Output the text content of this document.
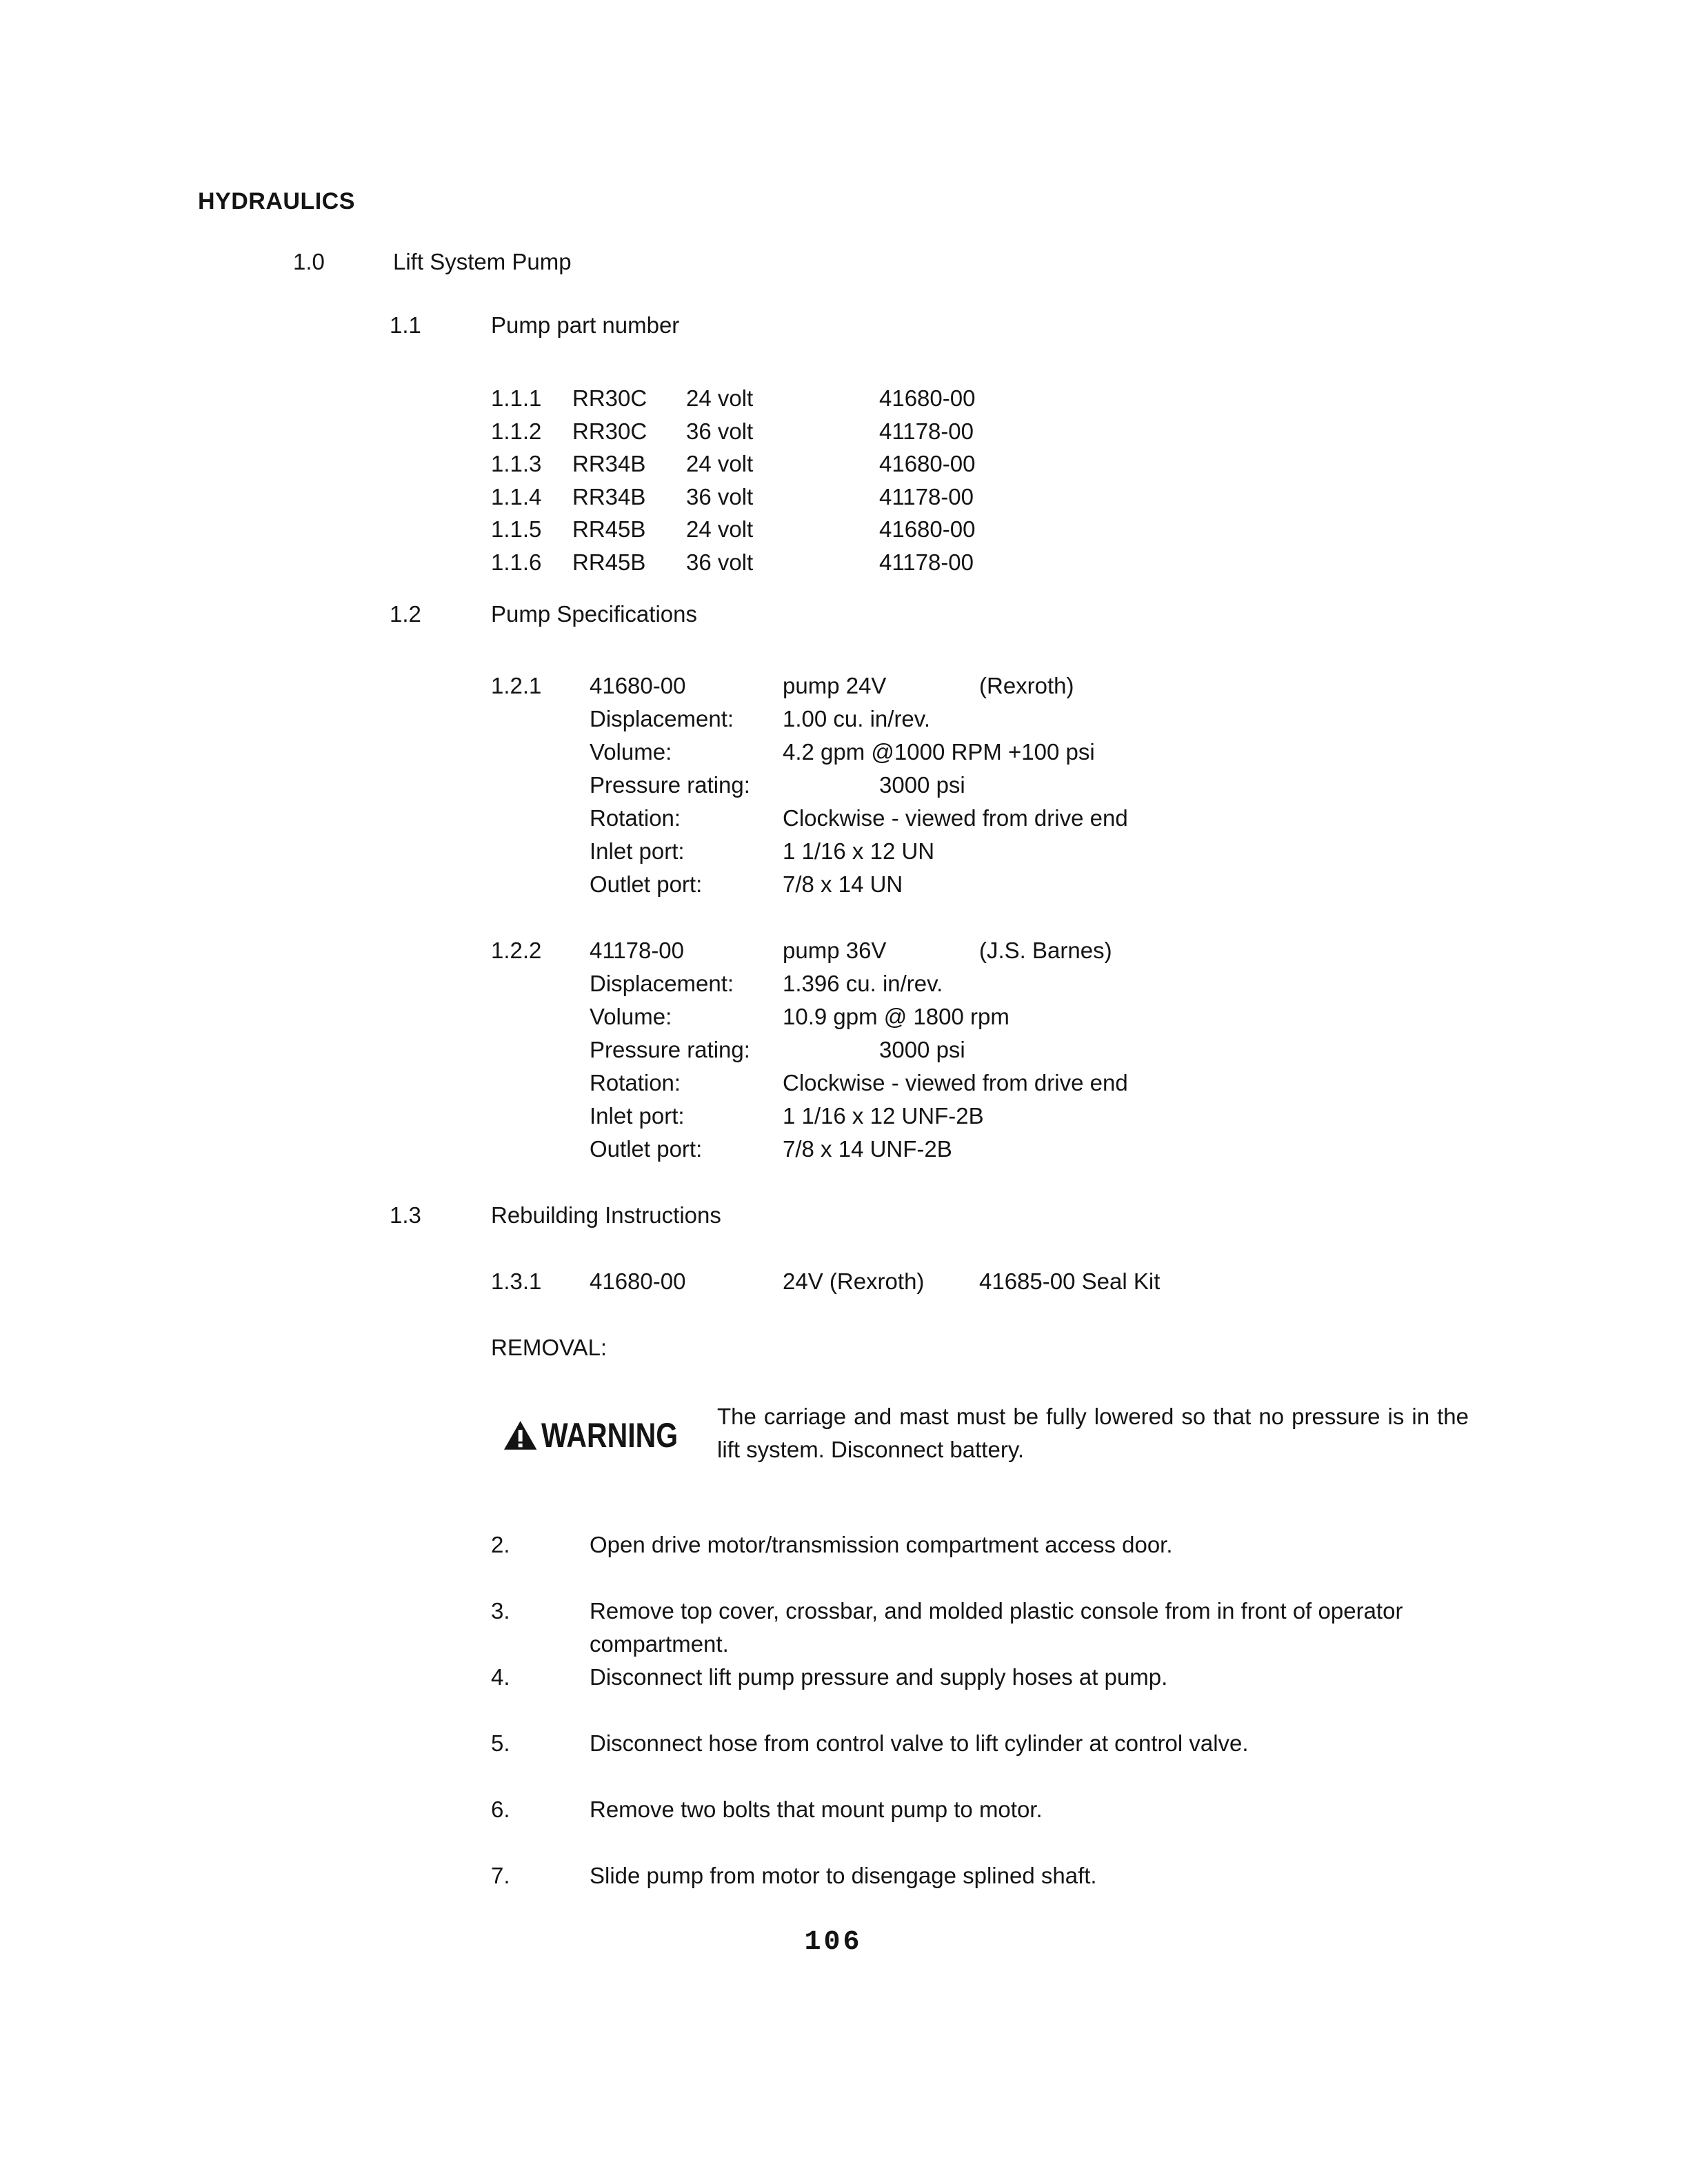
HYDRAULICS
1.0	Lift System Pump
1.1	Pump part number
1.1.1	RR30C	24 volt	41680-00
1.1.2	RR30C	36 volt	41178-00
1.1.3	RR34B	24 volt	41680-00
1.1.4	RR34B	36 volt	41178-00
1.1.5	RR45B	24 volt	41680-00
1.1.6	RR45B	36 volt	41178-00
1.2	Pump Specifications
1.2.1	41680-00	pump 24V	(Rexroth)
Displacement:	1.00 cu. in/rev.
Volume:	4.2 gpm @1000 RPM +100 psi
Pressure rating:	3000 psi
Rotation:	Clockwise - viewed from drive end
Inlet port:	1 1/16 x 12 UN
Outlet port:	7/8 x 14 UN
1.2.2	41178-00	pump 36V	(J.S. Barnes)
Displacement:	1.396 cu. in/rev.
Volume:	10.9 gpm @ 1800 rpm
Pressure rating:	3000 psi
Rotation:	Clockwise - viewed from drive end
Inlet port:	1 1/16 x 12 UNF-2B
Outlet port:	7/8 x 14 UNF-2B
1.3	Rebuilding Instructions
1.3.1	41680-00	24V (Rexroth)	41685-00 Seal Kit
REMOVAL:
WARNING The carriage and mast must be fully lowered so that no pressure is in the lift system. Disconnect battery.
2.	Open drive motor/transmission compartment access door.
3.	Remove top cover, crossbar, and molded plastic console from in front of operator compartment.
4.	Disconnect lift pump pressure and supply hoses at pump.
5.	Disconnect hose from control valve to lift cylinder at control valve.
6.	Remove two bolts that mount pump to motor.
7.	Slide pump from motor to disengage splined shaft.
106
